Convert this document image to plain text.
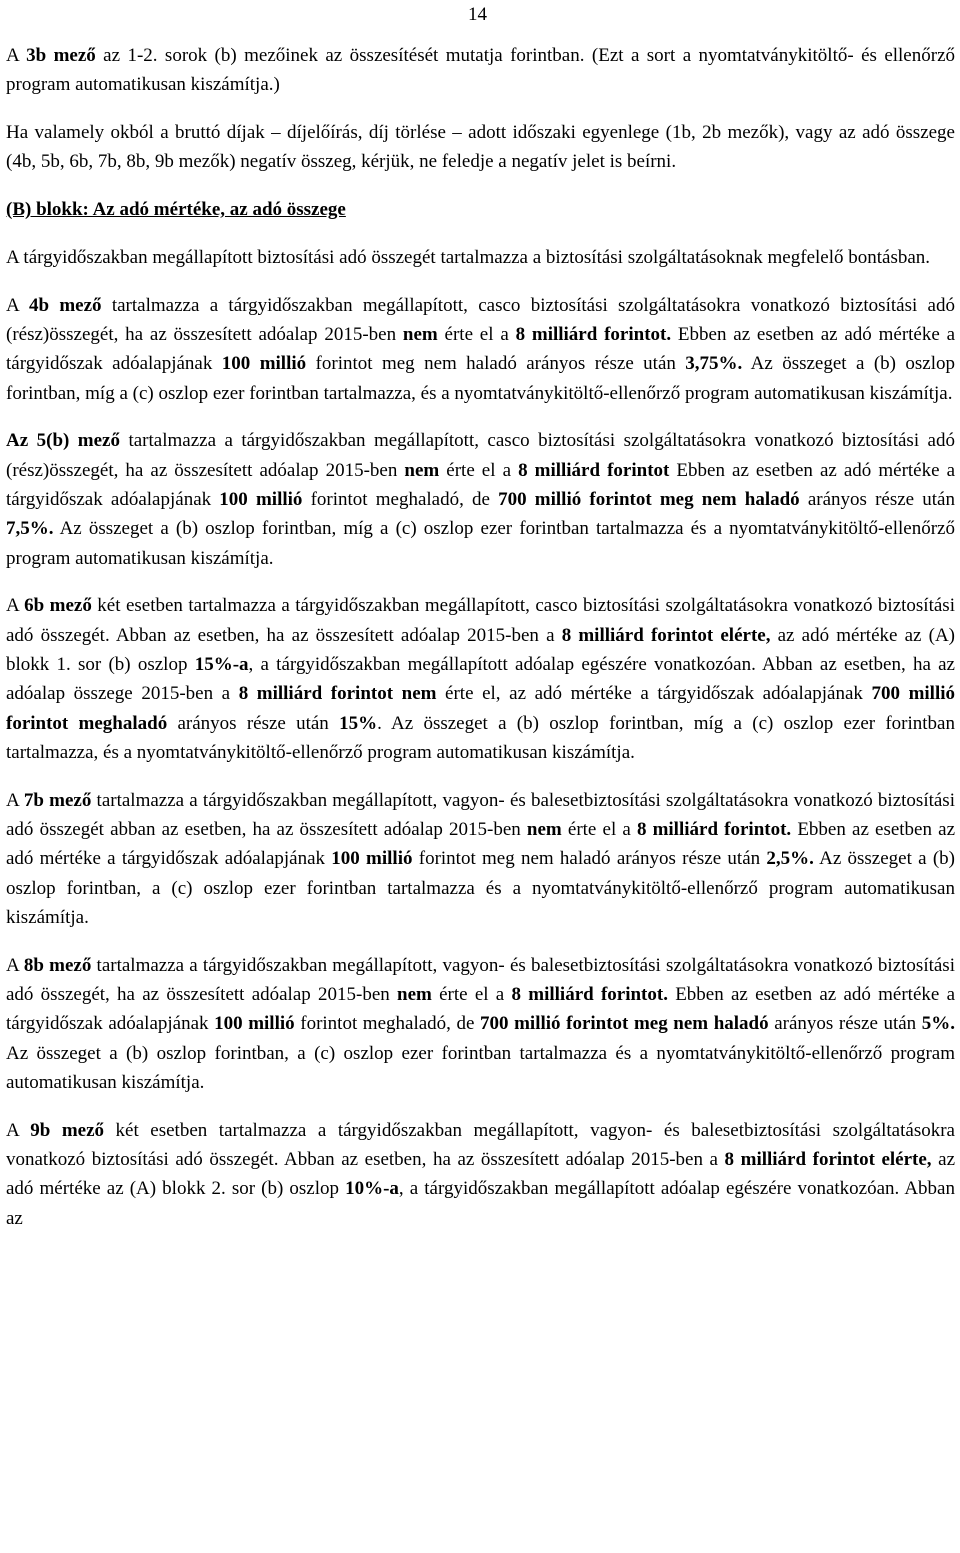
14

A 3b mező az 1-2. sorok (b) mezőinek az összesítését mutatja forintban. (Ezt a sort a nyomtatványkitöltő- és ellenőrző program automatikusan kiszámítja.)

Ha valamely okból a bruttó díjak – díjelőírás, díj törlése – adott időszaki egyenlege (1b, 2b mezők), vagy az adó összege (4b, 5b, 6b, 7b, 8b, 9b mezők) negatív összeg, kérjük, ne feledje a negatív jelet is beírni.

(B) blokk: Az adó mértéke, az adó összege

A tárgyidőszakban megállapított biztosítási adó összegét tartalmazza a biztosítási szolgáltatásoknak megfelelő bontásban.

A 4b mező tartalmazza a tárgyidőszakban megállapított, casco biztosítási szolgáltatásokra vonatkozó biztosítási adó (rész)összegét, ha az összesített adóalap 2015-ben nem érte el a 8 milliárd forintot. Ebben az esetben az adó mértéke a tárgyidőszak adóalapjának 100 millió forintot meg nem haladó arányos része után 3,75%. Az összeget a (b) oszlop forintban, míg a (c) oszlop ezer forintban tartalmazza, és a nyomtatványkitöltő-ellenőrző program automatikusan kiszámítja.

Az 5(b) mező tartalmazza a tárgyidőszakban megállapított, casco biztosítási szolgáltatásokra vonatkozó biztosítási adó (rész)összegét, ha az összesített adóalap 2015-ben nem érte el a 8 milliárd forintot Ebben az esetben az adó mértéke a tárgyidőszak adóalapjának 100 millió forintot meghaladó, de 700 millió forintot meg nem haladó arányos része után 7,5%. Az összeget a (b) oszlop forintban, míg a (c) oszlop ezer forintban tartalmazza és a nyomtatványkitöltő-ellenőrző program automatikusan kiszámítja.

A 6b mező két esetben tartalmazza a tárgyidőszakban megállapított, casco biztosítási szolgáltatásokra vonatkozó biztosítási adó összegét. Abban az esetben, ha az összesített adóalap 2015-ben a 8 milliárd forintot elérte, az adó mértéke az (A) blokk 1. sor (b) oszlop 15%-a, a tárgyidőszakban megállapított adóalap egészére vonatkozóan. Abban az esetben, ha az adóalap összege 2015-ben a 8 milliárd forintot nem érte el, az adó mértéke a tárgyidőszak adóalapjának 700 millió forintot meghaladó arányos része után 15%. Az összeget a (b) oszlop forintban, míg a (c) oszlop ezer forintban tartalmazza, és a nyomtatványkitöltő-ellenőrző program automatikusan kiszámítja.

A 7b mező tartalmazza a tárgyidőszakban megállapított, vagyon- és balesetbiztosítási szolgáltatásokra vonatkozó biztosítási adó összegét abban az esetben, ha az összesített adóalap 2015-ben nem érte el a 8 milliárd forintot. Ebben az esetben az adó mértéke a tárgyidőszak adóalapjának 100 millió forintot meg nem haladó arányos része után 2,5%. Az összeget a (b) oszlop forintban, a (c) oszlop ezer forintban tartalmazza és a nyomtatványkitöltő-ellenőrző program automatikusan kiszámítja.

A 8b mező tartalmazza a tárgyidőszakban megállapított, vagyon- és balesetbiztosítási szolgáltatásokra vonatkozó biztosítási adó összegét, ha az összesített adóalap 2015-ben nem érte el a 8 milliárd forintot. Ebben az esetben az adó mértéke a tárgyidőszak adóalapjának 100 millió forintot meghaladó, de 700 millió forintot meg nem haladó arányos része után 5%. Az összeget a (b) oszlop forintban, a (c) oszlop ezer forintban tartalmazza és a nyomtatványkitöltő-ellenőrző program automatikusan kiszámítja.

A 9b mező két esetben tartalmazza a tárgyidőszakban megállapított, vagyon- és balesetbiztosítási szolgáltatásokra vonatkozó biztosítási adó összegét. Abban az esetben, ha az összesített adóalap 2015-ben a 8 milliárd forintot elérte, az adó mértéke az (A) blokk 2. sor (b) oszlop 10%-a, a tárgyidőszakban megállapított adóalap egészére vonatkozóan. Abban az
